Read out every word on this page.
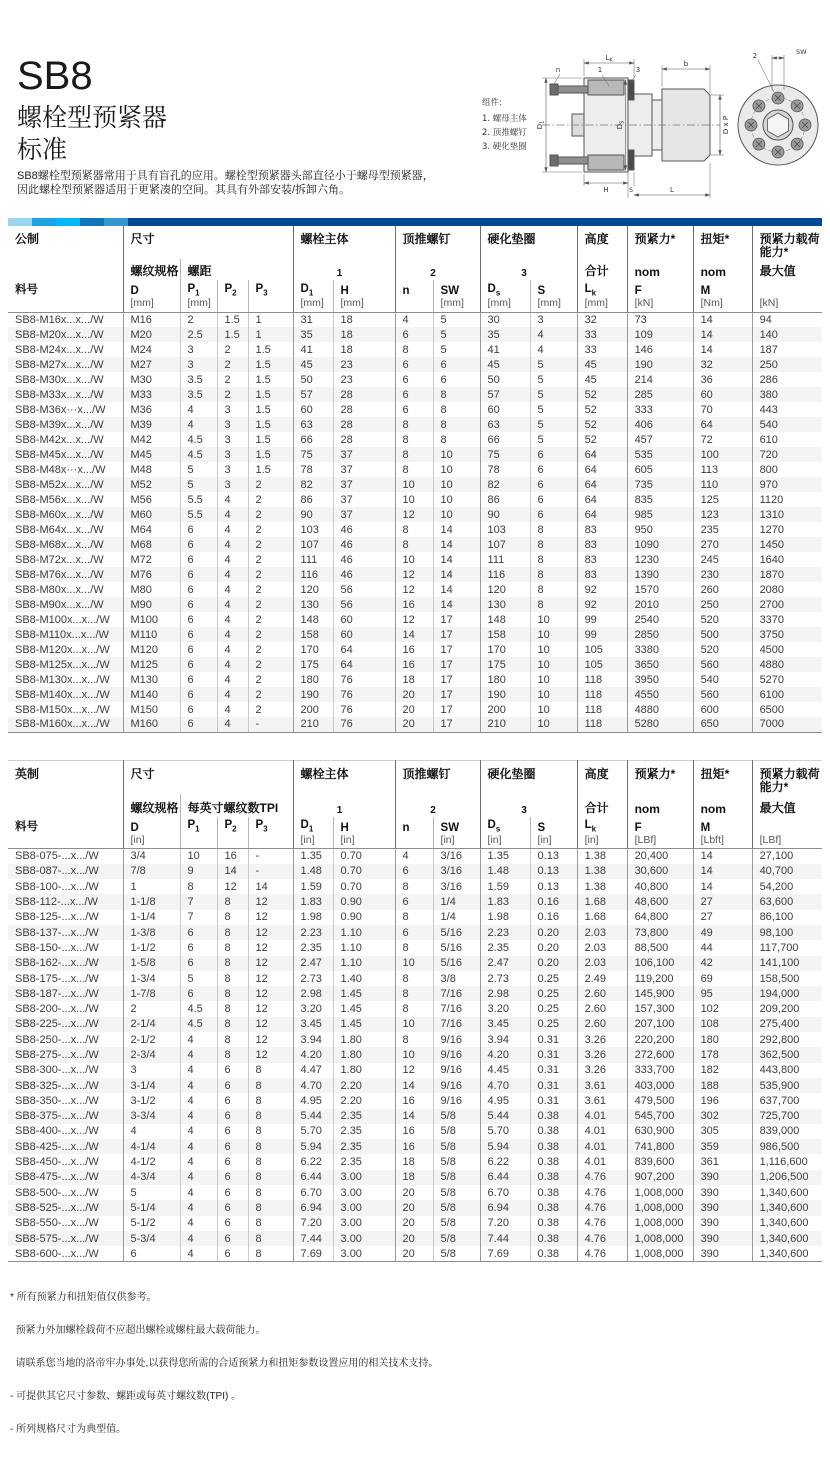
SB8
螺栓型预紧器
标准
SB8螺栓型预紧器常用于具有盲孔的应用。螺栓型预紧器头部直径小于螺母型预紧器，
因此螺栓型预紧器适用于更紧凑的空间。其具有外部安装/拆卸六角。
组件:
1. 螺母主体
2. 顶推螺钉
3. 硬化垫圈
$L_K$
n	1	3
b
$D_1$
$D_S$	D x P
H	S	L
2	SW
公制	尺寸				螺栓主体		顶推螺钉		硬化垫圈		高度	预紧力*	扭矩*	预紧力载荷
能力*
	螺纹规格	螺距			1		2		3		合计	nom	nom	最大值
料号	D	$P_1$	$P_2$	$P_3$	$D_1$	H	n	SW	$D_s$	S	$L_k$	F	M	
	[mm]	[mm]			[mm]	[mm]		[mm]	[mm]	[mm]	[mm]	[kN]	[Nm]	[kN]
SB8-M16x...x.../W	M16	2	1.5	1	31	18	4	5	30	3	32	73	14	94
SB8-M20x...x.../W	M20	2.5	1.5	1	35	18	6	5	35	4	33	109	14	140
SB8-M24x...x.../W	M24	3	2	1.5	41	18	8	5	41	4	33	146	14	187
SB8-M27x...x.../W	M27	3	2	1.5	45	23	6	6	45	5	45	190	32	250
SB8-M30x...x.../W	M30	3.5	2	1.5	50	23	6	6	50	5	45	214	36	286
SB8-M33x...x.../W	M33	3.5	2	1.5	57	28	6	8	57	5	52	285	60	380
SB8-M36x···x.../W	M36	4	3	1.5	60	28	6	8	60	5	52	333	70	443
SB8-M39x...x.../W	M39	4	3	1.5	63	28	8	8	63	5	52	406	64	540
SB8-M42x...x.../W	M42	4.5	3	1.5	66	28	8	8	66	5	52	457	72	610
SB8-M45x...x.../W	M45	4.5	3	1.5	75	37	8	10	75	6	64	535	100	720
SB8-M48x···x.../W	M48	5	3	1.5	78	37	8	10	78	6	64	605	113	800
SB8-M52x...x.../W	M52	5	3	2	82	37	10	10	82	6	64	735	110	970
SB8-M56x...x.../W	M56	5.5	4	2	86	37	10	10	86	6	64	835	125	1120
SB8-M60x...x.../W	M60	5.5	4	2	90	37	12	10	90	6	64	985	123	1310
SB8-M64x...x.../W	M64	6	4	2	103	46	8	14	103	8	83	950	235	1270
SB8-M68x...x.../W	M68	6	4	2	107	46	8	14	107	8	83	1090	270	1450
SB8-M72x...x.../W	M72	6	4	2	111	46	10	14	111	8	83	1230	245	1640
SB8-M76x...x.../W	M76	6	4	2	116	46	12	14	116	8	83	1390	230	1870
SB8-M80x...x.../W	M80	6	4	2	120	56	12	14	120	8	92	1570	260	2080
SB8-M90x...x.../W	M90	6	4	2	130	56	16	14	130	8	92	2010	250	2700
SB8-M100x...x.../W	M100	6	4	2	148	60	12	17	148	10	99	2540	520	3370
SB8-M110x...x.../W	M110	6	4	2	158	60	14	17	158	10	99	2850	500	3750
SB8-M120x...x.../W	M120	6	4	2	170	64	16	17	170	10	105	3380	520	4500
SB8-M125x...x.../W	M125	6	4	2	175	64	16	17	175	10	105	3650	560	4880
SB8-M130x...x.../W	M130	6	4	2	180	76	18	17	180	10	118	3950	540	5270
SB8-M140x...x.../W	M140	6	4	2	190	76	20	17	190	10	118	4550	560	6100
SB8-M150x...x.../W	M150	6	4	2	200	76	20	17	200	10	118	4880	600	6500
SB8-M160x...x.../W	M160	6	4	-	210	76	20	17	210	10	118	5280	650	7000
英制	尺寸				螺栓主体		顶推螺钉		硬化垫圈		高度	预紧力*	扭矩*	预紧力载荷
能力*
	螺纹规格	每英寸螺纹数TPI			1		2		3		合计	nom	nom	最大值
料号	D	$P_1$	$P_2$	$P_3$	$D_1$	H	n	SW	$D_s$	S	$L_k$	F	M	
	[in]				[in]	[in]		[in]	[in]	[in]	[in]	[LBf]	[Lbft]	[LBf]
SB8-075-...x.../W	3/4	10	16	-	1.35	0.70	4	3/16	1.35	0.13	1.38	20,400	14	27,100
SB8-087-...x.../W	7/8	9	14	-	1.48	0.70	6	3/16	1.48	0.13	1.38	30,600	14	40,700
SB8-100-...x.../W	1	8	12	14	1.59	0.70	8	3/16	1.59	0.13	1.38	40,800	14	54,200
SB8-112-...x.../W	1-1/8	7	8	12	1.83	0.90	6	1/4	1.83	0.16	1.68	48,600	27	63,600
SB8-125-...x.../W	1-1/4	7	8	12	1.98	0.90	8	1/4	1.98	0.16	1.68	64,800	27	86,100
SB8-137-...x.../W	1-3/8	6	8	12	2.23	1.10	6	5/16	2.23	0.20	2.03	73,800	49	98,100
SB8-150-...x.../W	1-1/2	6	8	12	2.35	1.10	8	5/16	2.35	0.20	2.03	88,500	44	117,700
SB8-162-...x.../W	1-5/8	6	8	12	2.47	1.10	10	5/16	2.47	0.20	2.03	106,100	42	141,100
SB8-175-...x.../W	1-3/4	5	8	12	2.73	1.40	8	3/8	2.73	0.25	2.49	119,200	69	158,500
SB8-187-...x.../W	1-7/8	6	8	12	2.98	1.45	8	7/16	2.98	0.25	2.60	145,900	95	194,000
SB8-200-...x.../W	2	4.5	8	12	3.20	1.45	8	7/16	3.20	0.25	2.60	157,300	102	209,200
SB8-225-...x.../W	2-1/4	4.5	8	12	3.45	1.45	10	7/16	3.45	0.25	2.60	207,100	108	275,400
SB8-250-...x.../W	2-1/2	4	8	12	3.94	1.80	8	9/16	3.94	0.31	3.26	220,200	180	292,800
SB8-275-...x.../W	2-3/4	4	8	12	4.20	1.80	10	9/16	4.20	0.31	3.26	272,600	178	362,500
SB8-300-...x.../W	3	4	6	8	4.47	1.80	12	9/16	4.45	0.31	3.26	333,700	182	443,800
SB8-325-...x.../W	3-1/4	4	6	8	4.70	2.20	14	9/16	4.70	0.31	3.61	403,000	188	535,900
SB8-350-...x.../W	3-1/2	4	6	8	4.95	2.20	16	9/16	4.95	0.31	3.61	479,500	196	637,700
SB8-375-...x.../W	3-3/4	4	6	8	5.44	2.35	14	5/8	5.44	0.38	4.01	545,700	302	725,700
SB8-400-...x.../W	4	4	6	8	5.70	2.35	16	5/8	5.70	0.38	4.01	630,900	305	839,000
SB8-425-...x.../W	4-1/4	4	6	8	5.94	2.35	16	5/8	5.94	0.38	4.01	741,800	359	986,500
SB8-450-...x.../W	4-1/2	4	6	8	6.22	2.35	18	5/8	6.22	0.38	4.01	839,600	361	1,116,600
SB8-475-...x.../W	4-3/4	4	6	8	6.44	3.00	18	5/8	6.44	0.38	4.76	907,200	390	1,206,500
SB8-500-...x.../W	5	4	6	8	6.70	3.00	20	5/8	6.70	0.38	4.76	1,008,000	390	1,340,600
SB8-525-...x.../W	5-1/4	4	6	8	6.94	3.00	20	5/8	6.94	0.38	4.76	1,008,000	390	1,340,600
SB8-550-...x.../W	5-1/2	4	6	8	7.20	3.00	20	5/8	7.20	0.38	4.76	1,008,000	390	1,340,600
SB8-575-...x.../W	5-3/4	4	6	8	7.44	3.00	20	5/8	7.44	0.38	4.76	1,008,000	390	1,340,600
SB8-600-...x.../W	6	4	6	8	7.69	3.00	20	5/8	7.69	0.38	4.76	1,008,000	390	1,340,600

* 所有预紧力和扭矩值仅供参考。

预紧力外加螺栓载荷不应超出螺栓或螺柱最大载荷能力。

请联系您当地的洛帝牢办事处,以获得您所需的合适预紧力和扭矩参数设置应用的相关技术支持。

- 可提供其它尺寸参数、螺距或每英寸螺纹数(TPI) 。

- 所列规格尺寸为典型值。
